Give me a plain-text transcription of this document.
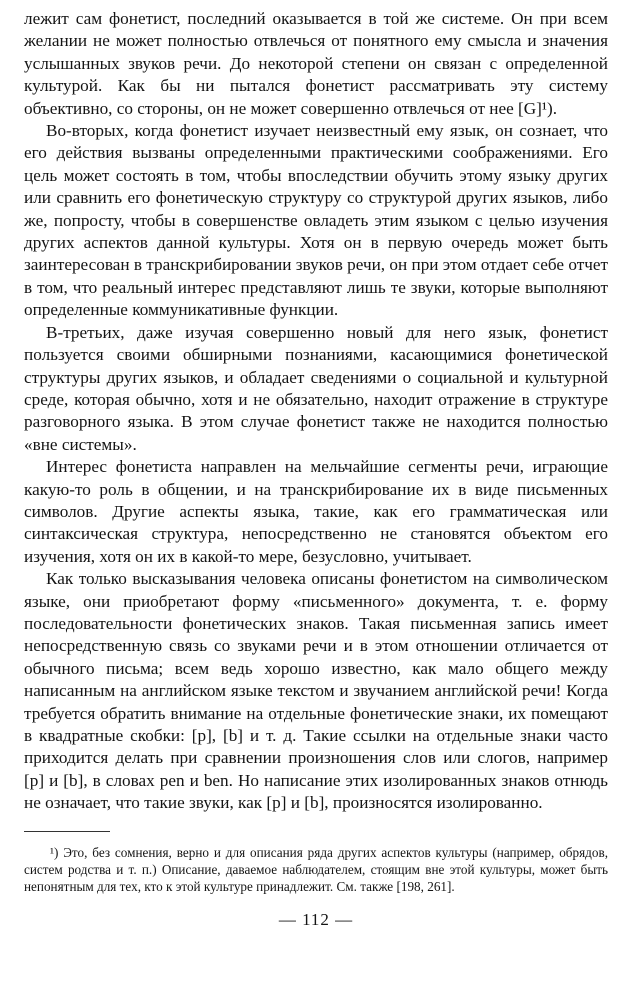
лежит сам фонетист, последний оказывается в той же системе. Он при всем желании не может полностью отвлечься от понятного ему смысла и значения услышанных звуков речи. До некоторой степени он связан с определенной культурой. Как бы ни пытался фонетист рассматривать эту систему объективно, со стороны, он не может совершенно отвлечься от нее [G]¹).

Во-вторых, когда фонетист изучает неизвестный ему язык, он сознает, что его действия вызваны определенными практическими соображениями. Его цель может состоять в том, чтобы впоследствии обучить этому языку других или сравнить его фонетическую структуру со структурой других языков, либо же, попросту, чтобы в совершенстве овладеть этим языком с целью изучения других аспектов данной культуры. Хотя он в первую очередь может быть заинтересован в транскрибировании звуков речи, он при этом отдает себе отчет в том, что реальный интерес представляют лишь те звуки, которые выполняют определенные коммуникативные функции.

В-третьих, даже изучая совершенно новый для него язык, фонетист пользуется своими обширными познаниями, касающимися фонетической структуры других языков, и обладает сведениями о социальной и культурной среде, которая обычно, хотя и не обязательно, находит отражение в структуре разговорного языка. В этом случае фонетист также не находится полностью «вне системы».

Интерес фонетиста направлен на мельчайшие сегменты речи, играющие какую-то роль в общении, и на транскрибирование их в виде письменных символов. Другие аспекты языка, такие, как его грамматическая или синтаксическая структура, непосредственно не становятся объектом его изучения, хотя он их в какой-то мере, безусловно, учитывает.

Как только высказывания человека описаны фонетистом на символическом языке, они приобретают форму «письменного» документа, т. е. форму последовательности фонетических знаков. Такая письменная запись имеет непосредственную связь со звуками речи и в этом отношении отличается от обычного письма; всем ведь хорошо известно, как мало общего между написанным на английском языке текстом и звучанием английской речи! Когда требуется обратить внимание на отдельные фонетические знаки, их помещают в квадратные скобки: [p], [b] и т. д. Такие ссылки на отдельные знаки часто приходится делать при сравнении произношения слов или слогов, например [p] и [b], в словах pen и ben. Но написание этих изолированных знаков отнюдь не означает, что такие звуки, как [p] и [b], произносятся изолированно.

¹) Это, без сомнения, верно и для описания ряда других аспектов культуры (например, обрядов, систем родства и т. п.) Описание, даваемое наблюдателем, стоящим вне этой культуры, может быть непонятным для тех, кто к этой культуре принадлежит. См. также [198, 261].

— 112 —
